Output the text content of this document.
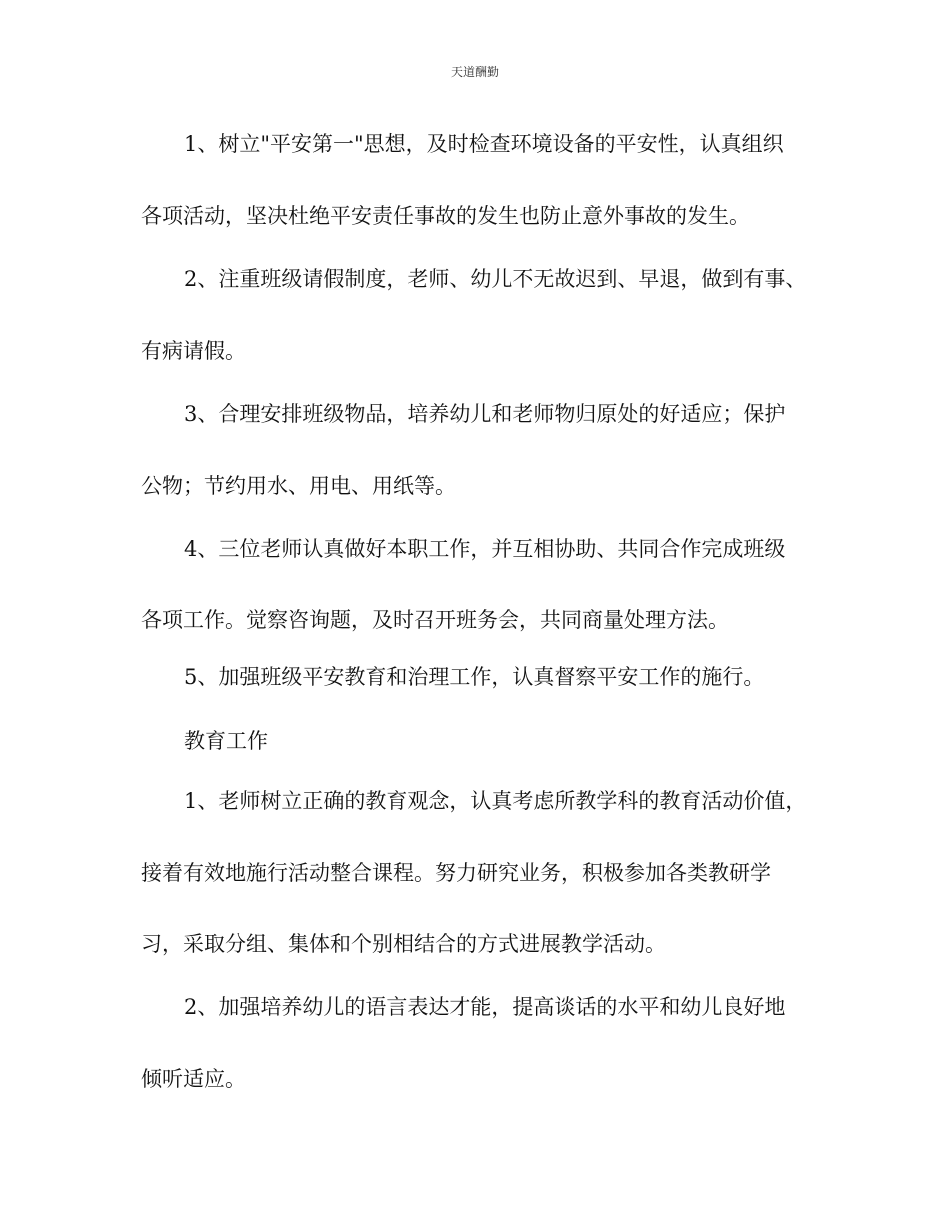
天道酬勤
1、树立"平安第一"思想，及时检查环境设备的平安性，认真组织
各项活动，坚决杜绝平安责任事故的发生也防止意外事故的发生。
2、注重班级请假制度，老师、幼儿不无故迟到、早退，做到有事、
有病请假。
3、合理安排班级物品，培养幼儿和老师物归原处的好适应；保护
公物；节约用水、用电、用纸等。
4、三位老师认真做好本职工作，并互相协助、共同合作完成班级
各项工作。觉察咨询题，及时召开班务会，共同商量处理方法。
5、加强班级平安教育和治理工作，认真督察平安工作的施行。
教育工作
1、老师树立正确的教育观念，认真考虑所教学科的教育活动价值，
接着有效地施行活动整合课程。努力研究业务，积极参加各类教研学
习，采取分组、集体和个别相结合的方式进展教学活动。
2、加强培养幼儿的语言表达才能，提高谈话的水平和幼儿良好地
倾听适应。
